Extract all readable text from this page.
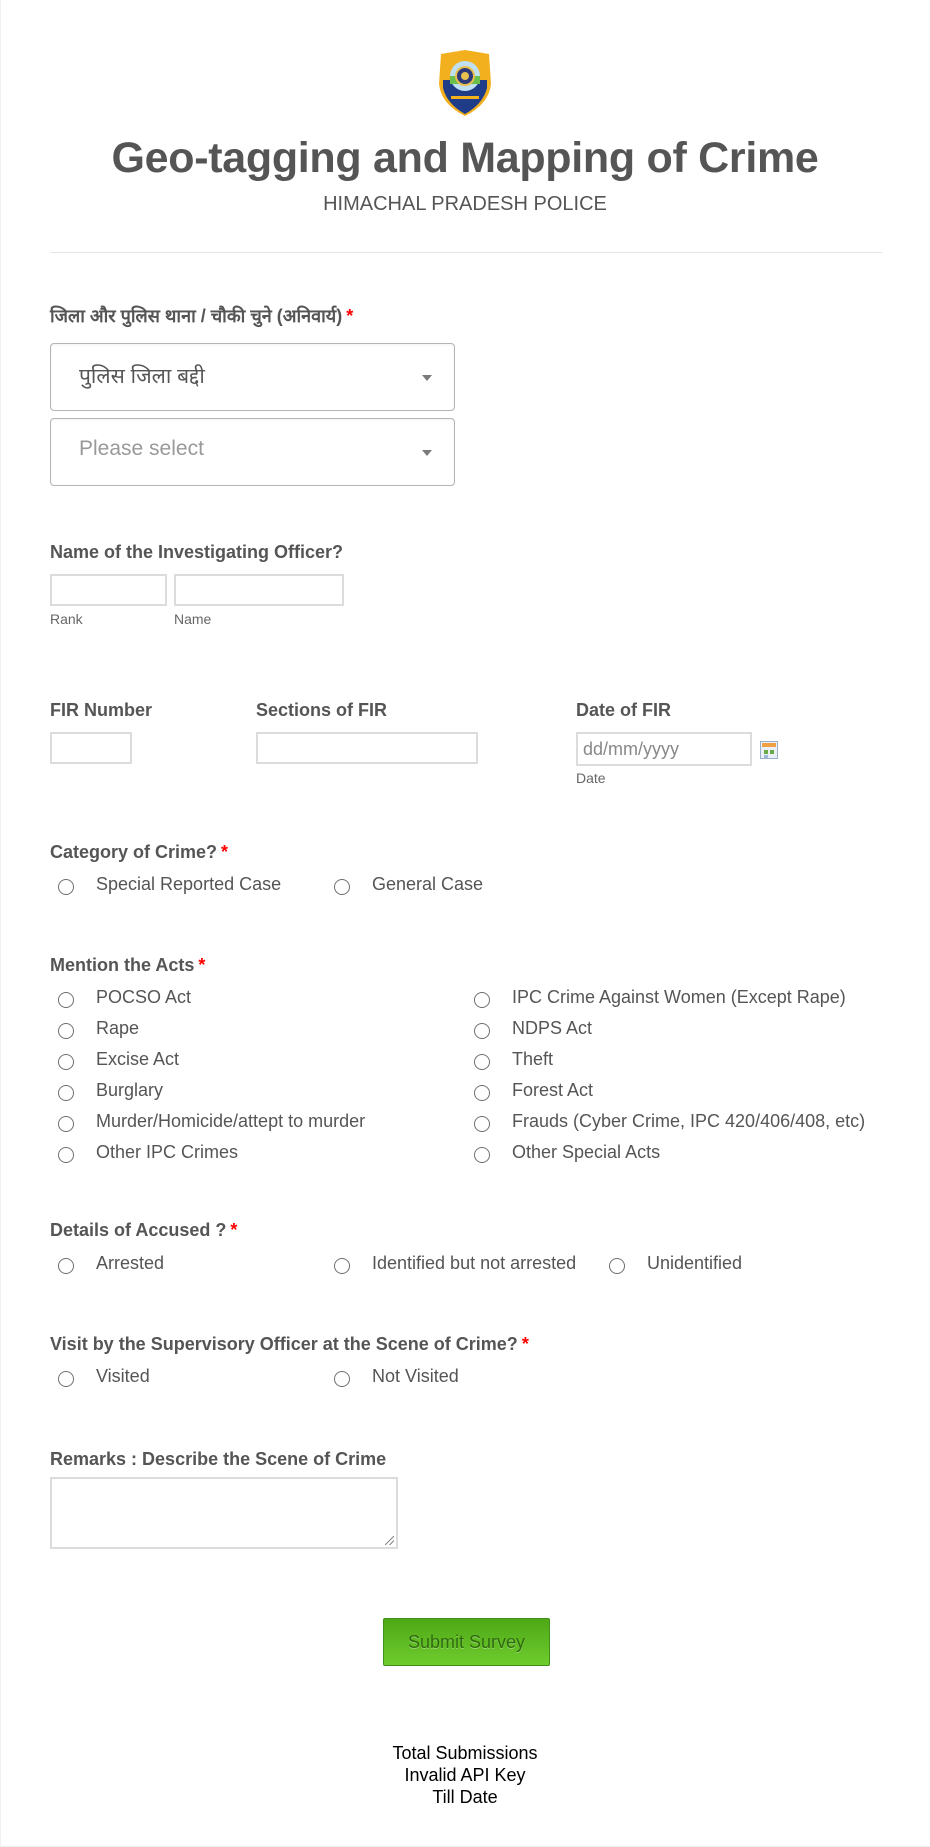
Geo-tagging and Mapping of Crime
HIMACHAL PRADESH POLICE
जिला और पुलिस थाना / चौकी चुने (अनिवार्य) *
पुलिस जिला बद्दी
Please select
Name of the Investigating Officer?
Rank	Name
FIR Number	Sections of FIR	Date of FIR
dd/mm/yyyy
Date
Category of Crime? *
Special Reported Case	General Case
Mention the Acts *
POCSO Act
Rape
Excise Act
Burglary
Murder/Homicide/attept to murder
Other IPC Crimes
IPC Crime Against Women (Except Rape)
NDPS Act
Theft
Forest Act
Frauds (Cyber Crime, IPC 420/406/408, etc)
Other Special Acts
Details of Accused ? *
Arrested	Identified but not arrested	Unidentified
Visit by the Supervisory Officer at the Scene of Crime? *
Visited	Not Visited
Remarks : Describe the Scene of Crime
Submit Survey
Total Submissions
Invalid API Key
Till Date
